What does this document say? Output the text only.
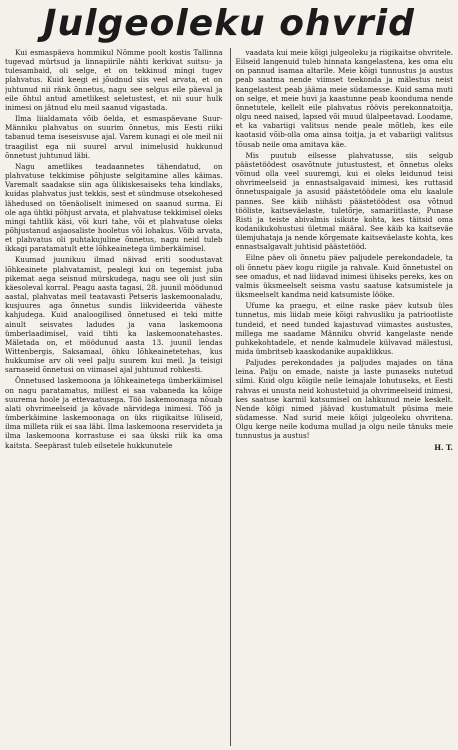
Julgeoleku ohvrid

Kui esmaspäeva hommikul Nõmme poolt kostis Tallinna tugevad mürtsud ja linnapiirile nähti kerkivat suitsu- ja tulesambaid, oli selge, et on tekkinud mingi tugev plahvatus. Kuid keegi ei jõudnud siis veel arvata, et on juhtunud nii ränk õnnetus, nagu see selgus eile päeval ja eile õhtul antud ametlikest seletustest, et nii suur hulk inimesi on jätnud elu meil saanud vigastada.

Ilma liialdamata võib öelda, et esmaspäevane Suur-Männiku plahvatus on suurim õnnetus, mis Eesti riiki tabanud tema iseseisvuse ajal. Varem kunagi ei ole meil nii traagilist ega nii suurel arvul inimelusid hukkunud õnnetust juhtunud läbi.

Nagu ametlikes teadaannetes tähendatud, on plahvatuse tekkimise põhjuste selgitamine alles käimas. Varemalt saadakse siin aga ülikiskesaiseks teha kindlaks, kuidas plahvatus just tekkis, sest et sündmuse otsekohesed lähedused on tõenäoliselt inimesed on saanud surma. Ei ole aga ühtki põhjust arvata, et plahvatuse tekkimisel oleks mingi tahtlik käsi, või kuri tahe, või et plahvatuse oleks põhjustanud asjaosaliste hooletus või lohakus. Võib arvata, et plahvatus oli puhtakujuline õnnetus, nagu neid tuleb ikkagi paratamatult ette lõhkeainetega ümberkäimisel.

Kuumad juunikuu ilmad näivad eriti soodustavat lõhkeainete plahvatamist, pealegi kui on tegemist juba pikemat aega seisnud mürskudega, nagu see oli just siin käesoleval korral. Peagu aasta tagasi, 28. juunil möödunud aastal, plahvatas meil teatavasti Petseris laskemoonaladu, kusjuures aga õnnetus sundis liikvideerida väheste kahjudega. Kuid analoogilised õnnetused ei teki mitte ainult seisvates ladudes ja vana laskemoona ümberlaadimisel, vaid tihti ka laskemoonatehastes. Mäletada on, et möödunud aasta 13. juunil lendas Wittenbergis, Saksamaal, õhku lõhkeainetetehas, kus hukkumise arv oli veel palju suurem kui meil. Ja teisigi sarnaseid õnnetusi on viimasel ajal juhtunud rohkesti.

Õnnetused laskemoona ja lõhkeainetega ümberkäimisel on nagu paratamatus, millest ei saa vabaneda ka kõige suurema hoole ja ettevaatusega. Töö laskemoonaga nõuab alati ohvrimeelseid ja kõvade närvidega inimesi. Töö ja ümberkäimine laskemoonaga on üks riigikaitse lüliseid, ilma milleta riik ei saa läbi. Ilma laskemoona reservideta ja ilma laskemoona korrastuse ei saa ükski riik ka oma kaitsta. Seepärast tuleb eilsetele hukkunutele

vaadata kui meie kõigi julgeoleku ja riigikaitse ohvritele. Eilseid langenuid tuleb hinnata kangelastena, kes oma elu on pannud isamaa altarile. Meie kõigi tunnustus ja austus peab saatma nende viimset teekonda ja mälestus neist kangelastest peab jääma meie südamesse. Kuid sama muti on selge, et meie huvi ja kaastunne peab koonduma nende õnnetutele, kellelt eile plahvatus röövis perekonnatoitja, olgu need naised, lapsed või muud ülalpeetavad. Loodame, et ka vabariigi valitsus nende peale mõtleb, kes eile kaotasid võib-olla oma ainsa toitja, ja et vabariigi valitsus tõusab neile oma amitava käe.

Mis puutub eilsesse plahvatusse, siis selgub päästetöödest osavõtnute jutustustest, et õnnetus oleks võinud olla veel suuremgi, kui ei oleks leidunud teisi ohvrimeelseid ja ennastsalgavaid inimesi, kes ruttasid õnnetuspaigale ja asusid päästetöödele oma elu kaalule pannes. See käib niihästi päästetöödest osa võtnud tööliste, kaitseväelaste, tuletõrje, samariitlaste, Punase Risti ja teiste abivalmis isikute kohta, kes täitsid oma kodanikukohustusi ületmal määral. See käib ka kaitseväe ülemjuhataja ja nende kõrgemate kaitseväelaste kohta, kes ennastsalgavalt juhtisid päästetööd.

Eilne päev oli õnnetu päev paljudele perekondadele, ta oli õnnetu päev kogu riigile ja rahvale. Kuid õnnetustel on see omadus, et nad liidavad inimesi ühiseks pereks, kes on valmis üksmeelselt seisma vastu saatuse katsumistele ja üksmeelselt kandma neid katsumiste lööke.

Ufume ka praegu, et eilne raske päev kutsub üles tunnetus, mis liidab meie kõigi rahvusliku ja patriootliste tundeid, et need tunded kajastuvad viimastes austustes, millega me saadame Männiku ohvrid kangelaste nende puhkekohtadele, et nende kalmudele külvavad mälestusi, mida ümbritseb kaaskodanike aupaklikkus.

Paljudes perekondades ja paljudes majades on täna leina. Palju on emade, naiste ja laste punaseks nutetud silmi. Kuid olgu kõigile neile leinajale lohutuseks, et Eesti rahvas ei unusta neid kohustetuid ja ohvrimeelseid inimesi, kes saatuse karmil katsumisel on lahkunud meie keskelt. Nende kõigi nimed jäävad kustumatult püsima meie südamesse. Nad surid meie kõigi julgeoleku ohvritena. Olgu kerge neile koduma mullad ja olgu neile tänuks meie tunnustus ja austus!

H. T.
